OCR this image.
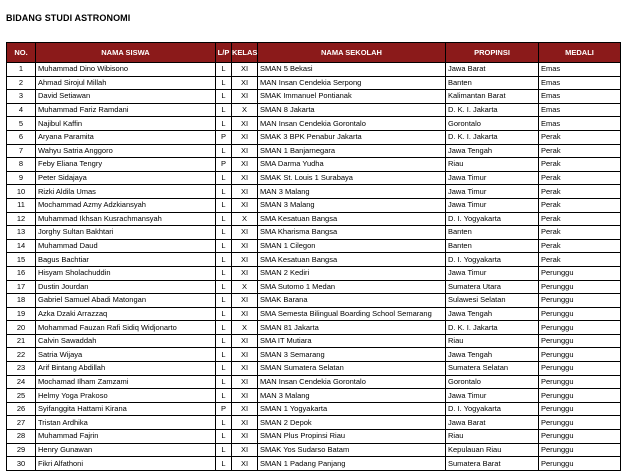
BIDANG STUDI ASTRONOMI
NO.	NAMA SISWA	L/P	KELAS	NAMA SEKOLAH	PROPINSI	MEDALI
1	Muhammad Dino Wibisono	L	XI	SMAN 5 Bekasi	Jawa Barat	Emas
2	Ahmad Sirojul Millah	L	XI	MAN Insan Cendekia Serpong	Banten	Emas
3	David Setiawan	L	XI	SMAK Immanuel Pontianak	Kalimantan Barat	Emas
4	Muhammad Fariz Ramdani	L	X	SMAN 8 Jakarta	D. K. I. Jakarta	Emas
5	Najibul Kaffin	L	XI	MAN Insan Cendekia Gorontalo	Gorontalo	Emas
6	Aryana Paramita	P	XI	SMAK 3 BPK Penabur Jakarta	D. K. I. Jakarta	Perak
7	Wahyu Satria Anggoro	L	XI	SMAN 1 Banjarnegara	Jawa Tengah	Perak
8	Feby Eliana Tengry	P	XI	SMA Darma Yudha	Riau	Perak
9	Peter Sidajaya	L	XI	SMAK St. Louis 1 Surabaya	Jawa Timur	Perak
10	Rizki Aldila Umas	L	XI	MAN 3 Malang	Jawa Timur	Perak
11	Mochammad Azmy Adzkiansyah	L	XI	SMAN 3 Malang	Jawa Timur	Perak
12	Muhammad Ikhsan Kusrachmansyah	L	X	SMA Kesatuan Bangsa	D. I. Yogyakarta	Perak
13	Jorghy Sultan Bakhtari	L	XI	SMA Kharisma Bangsa	Banten	Perak
14	Muhammad Daud	L	XI	SMAN 1 Cilegon	Banten	Perak
15	Bagus Bachtiar	L	XI	SMA Kesatuan Bangsa	D. I. Yogyakarta	Perak
16	Hisyam Sholachuddin	L	XI	SMAN 2 Kediri	Jawa Timur	Perunggu
17	Dustin Jourdan	L	X	SMA Sutomo 1 Medan	Sumatera Utara	Perunggu
18	Gabriel Samuel Abadi Matongan	L	XI	SMAK Barana	Sulawesi Selatan	Perunggu
19	Azka Dzaki Arrazzaq	L	XI	SMA Semesta Bilingual Boarding School Semarang	Jawa Tengah	Perunggu
20	Mohammad Fauzan Rafi Sidiq Widjonarto	L	X	SMAN 81 Jakarta	D. K. I. Jakarta	Perunggu
21	Calvin Sawaddah	L	XI	SMA IT Mutiara	Riau	Perunggu
22	Satria Wijaya	L	XI	SMAN 3 Semarang	Jawa Tengah	Perunggu
23	Arif Bintang Abdillah	L	XI	SMAN Sumatera Selatan	Sumatera Selatan	Perunggu
24	Mochamad Ilham Zamzami	L	XI	MAN Insan Cendekia Gorontalo	Gorontalo	Perunggu
25	Helmy Yoga Prakoso	L	XI	MAN 3 Malang	Jawa Timur	Perunggu
26	Syifanggita Hattami Kirana	P	XI	SMAN 1 Yogyakarta	D. I. Yogyakarta	Perunggu
27	Tristan Ardhika	L	XI	SMAN 2 Depok	Jawa Barat	Perunggu
28	Muhammad Fajrin	L	XI	SMAN Plus Propinsi Riau	Riau	Perunggu
29	Henry Gunawan	L	XI	SMAK Yos Sudarso Batam	Kepulauan Riau	Perunggu
30	Fikri Alfathoni	L	XI	SMAN 1 Padang Panjang	Sumatera Barat	Perunggu
